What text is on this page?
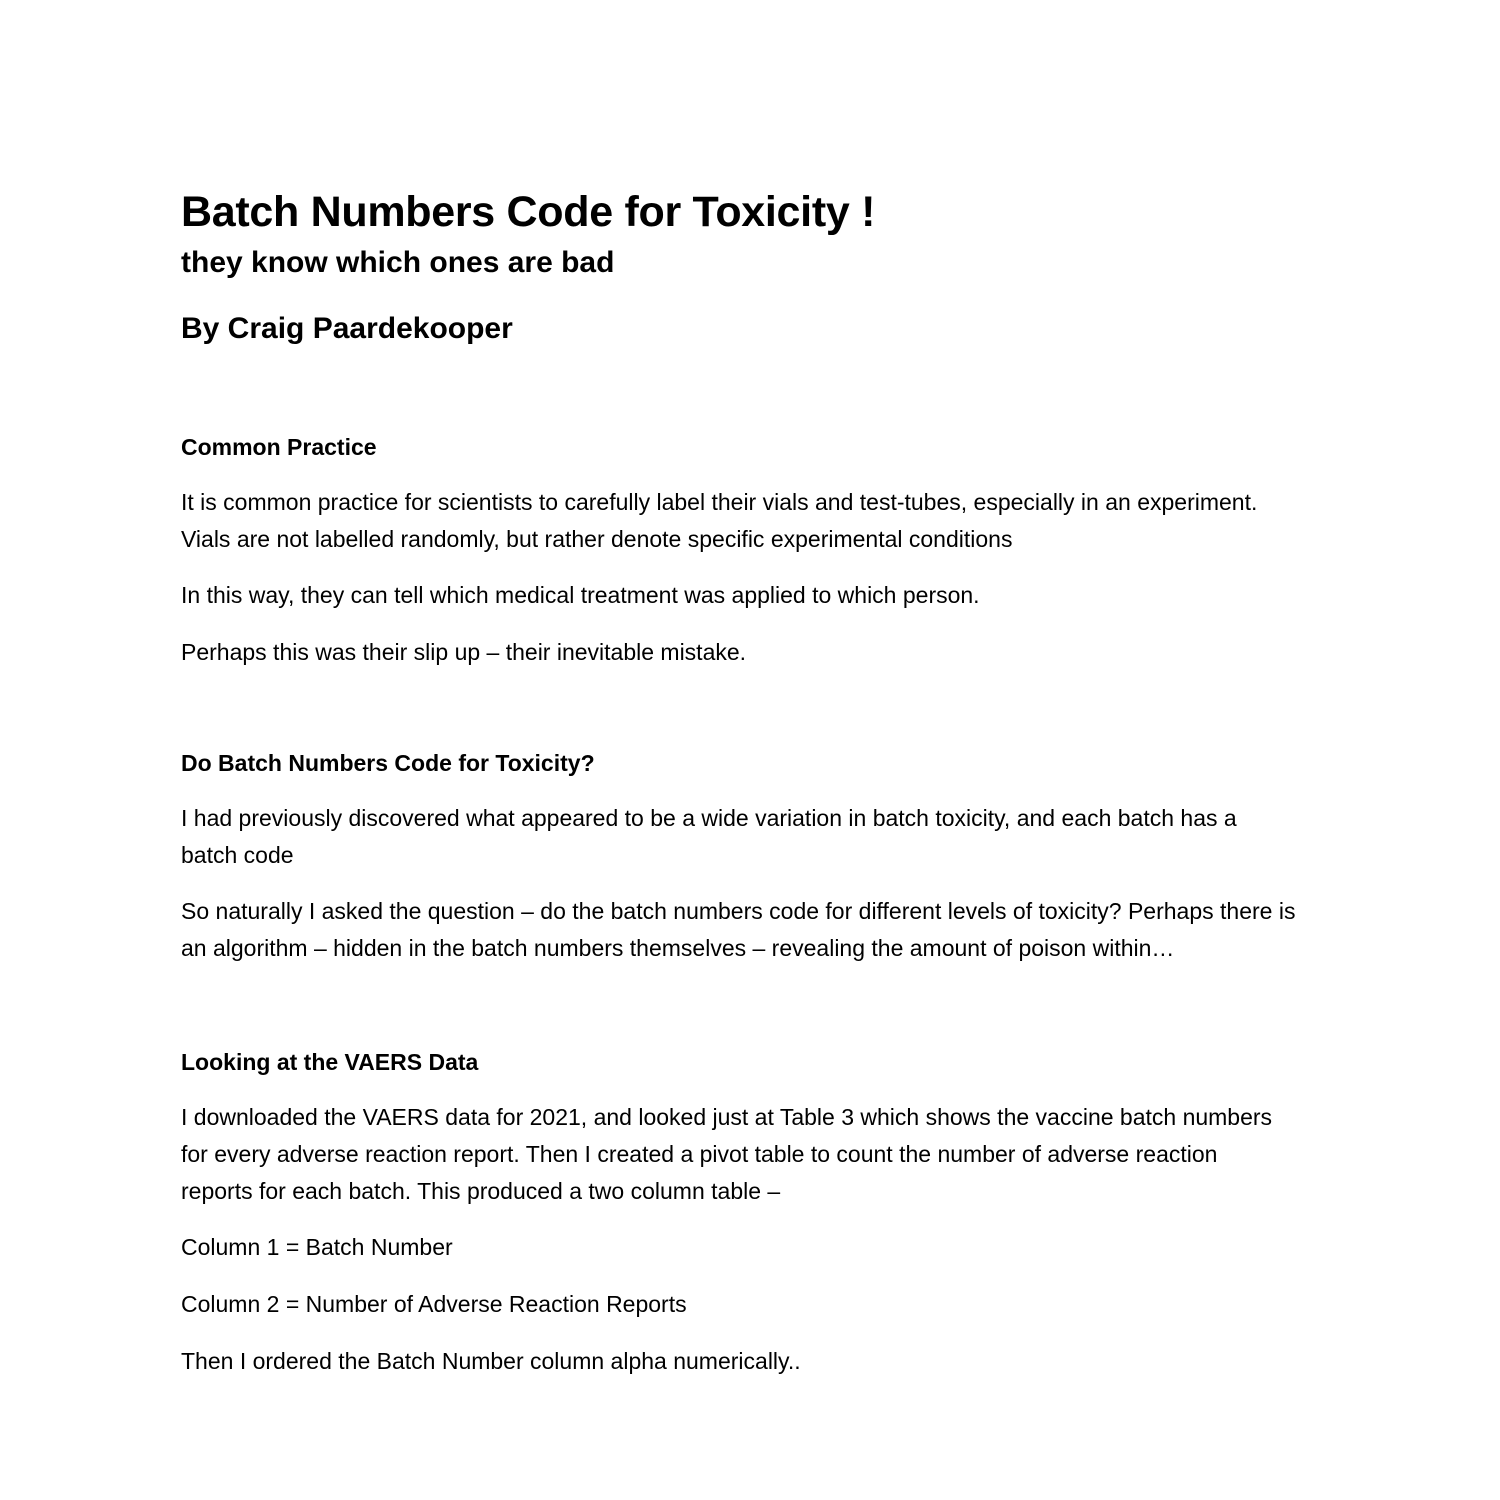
Batch Numbers Code for Toxicity !
they know which ones are bad
By Craig Paardekooper
Common Practice

It is common practice for scientists to carefully label their vials and test-tubes, especially in an experiment. Vials are not labelled randomly, but rather denote specific experimental conditions

In this way, they can tell which medical treatment was applied to which person.

Perhaps this was their slip up – their inevitable mistake.

Do Batch Numbers Code for Toxicity?

I had previously discovered what appeared to be a wide variation in batch toxicity, and each batch has a batch code

So naturally I asked the question – do the batch numbers code for different levels of toxicity? Perhaps there is an algorithm – hidden in the batch numbers themselves – revealing the amount of poison within…

Looking at the VAERS Data

I downloaded the VAERS data for 2021, and looked just at Table 3 which shows the vaccine batch numbers for every adverse reaction report. Then I created a pivot table to count the number of adverse reaction reports for each batch. This produced a two column table –

Column 1 = Batch Number

Column 2 = Number of Adverse Reaction Reports

Then I ordered the Batch Number column alpha numerically..
